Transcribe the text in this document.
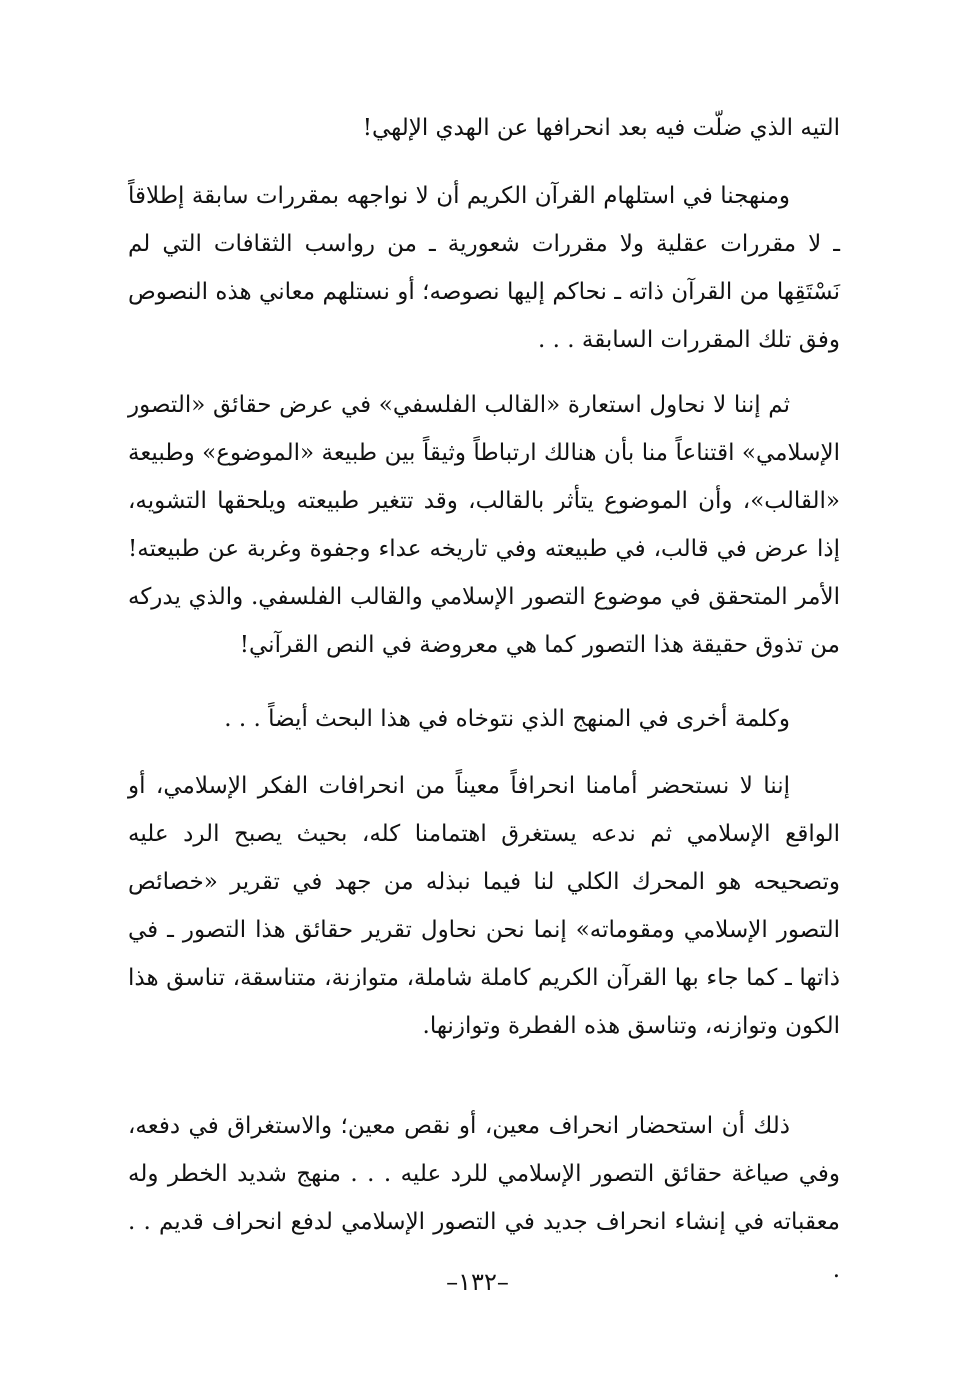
التيه الذي ضلّت فيه بعد انحرافها عن الهدي الإلهي!

ومنهجنا في استلهام القرآن الكريم أن لا نواجهه بمقررات سابقة إطلاقاً ـ لا مقررات عقلية ولا مقررات شعورية ـ من رواسب الثقافات التي لم نَسْتَقِها من القرآن ذاته ـ نحاكم إليها نصوصه؛ أو نستلهم معاني هذه النصوص وفق تلك المقررات السابقة . . .

ثم إننا لا نحاول استعارة «القالب الفلسفي» في عرض حقائق «التصور الإسلامي» اقتناعاً منا بأن هنالك ارتباطاً وثيقاً بين طبيعة «الموضوع» وطبيعة «القالب»، وأن الموضوع يتأثر بالقالب، وقد تتغير طبيعته ويلحقها التشويه، إذا عرض في قالب، في طبيعته وفي تاريخه عداء وجفوة وغربة عن طبيعته! الأمر المتحقق في موضوع التصور الإسلامي والقالب الفلسفي. والذي يدركه من تذوق حقيقة هذا التصور كما هي معروضة في النص القرآني!

وكلمة أخرى في المنهج الذي نتوخاه في هذا البحث أيضاً . . .

إننا لا نستحضر أمامنا انحرافاً معيناً من انحرافات الفكر الإسلامي، أو الواقع الإسلامي ثم ندعه يستغرق اهتمامنا كله، بحيث يصبح الرد عليه وتصحيحه هو المحرك الكلي لنا فيما نبذله من جهد في تقرير «خصائص التصور الإسلامي ومقوماته» إنما نحن نحاول تقرير حقائق هذا التصور ـ في ذاتها ـ كما جاء بها القرآن الكريم كاملة شاملة، متوازنة، متناسقة، تناسق هذا الكون وتوازنه، وتناسق هذه الفطرة وتوازنها.

ذلك أن استحضار انحراف معين، أو نقص معين؛ والاستغراق في دفعه، وفي صياغة حقائق التصور الإسلامي للرد عليه . . . منهج شديد الخطر وله معقباته في إنشاء انحراف جديد في التصور الإسلامي لدفع انحراف قديم . . .

–١٣٢–
